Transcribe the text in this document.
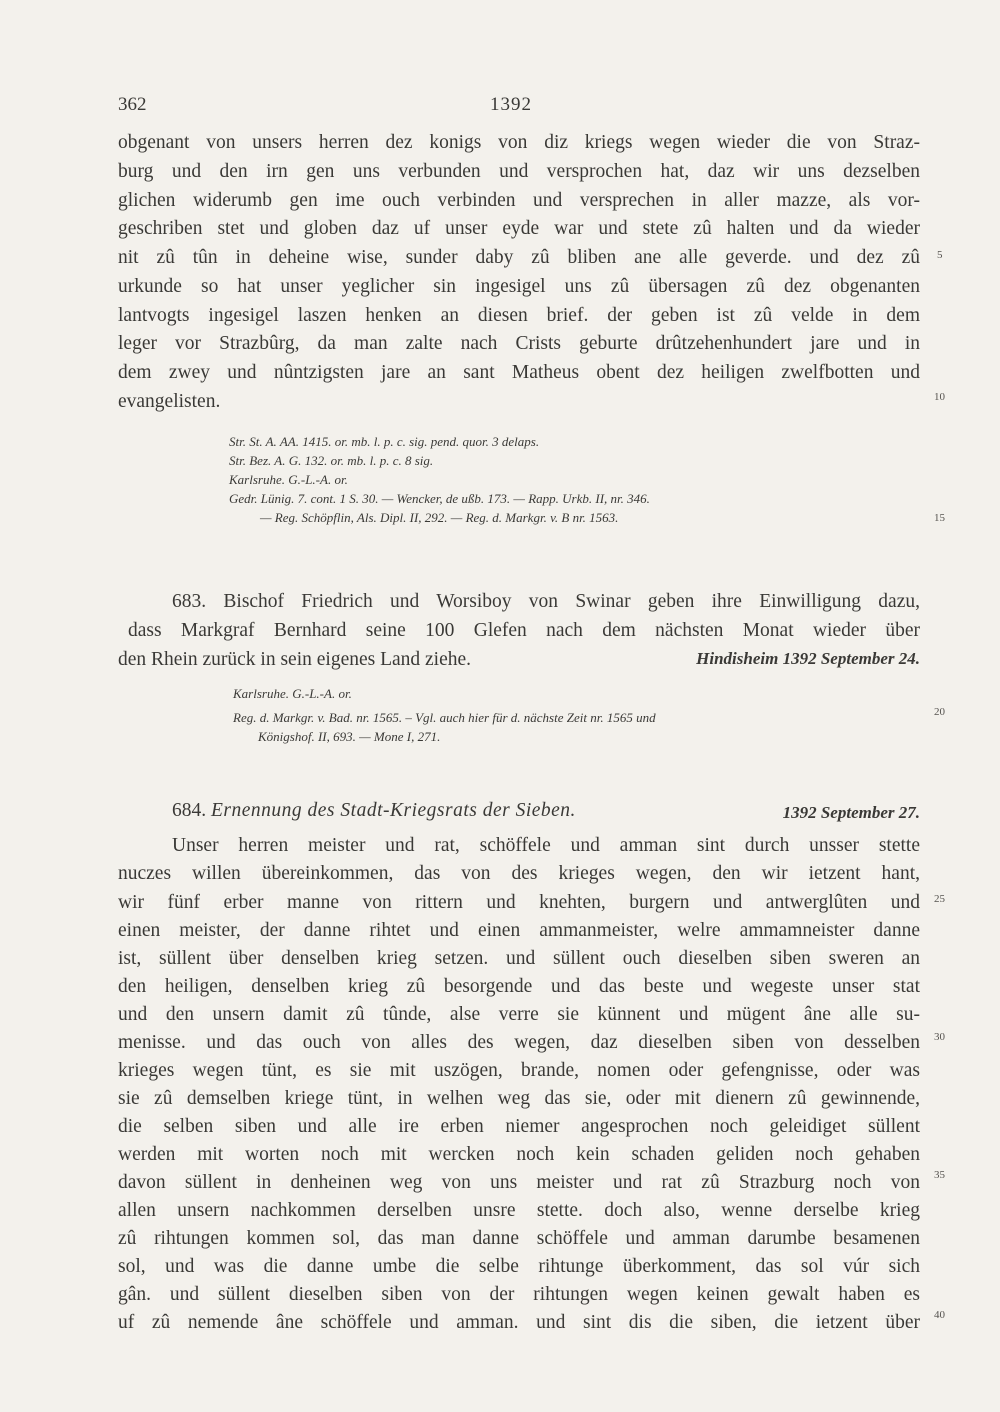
362	1392
obgenant von unsers herren dez konigs von diz kriegs wegen wieder die von Straz-
burg und den irn gen uns verbunden und versprochen hat, daz wir uns dezselben
glichen widerumb gen ime ouch verbinden und versprechen in aller mazze, als vor-
geschriben stet und globen daz uf unser eyde war und stete zû halten und da wieder
nit zû tûn in deheine wise, sunder daby zû bliben ane alle geverde. und dez zû
urkunde so hat unser yeglicher sin ingesigel uns zû übersagen zû dez obgenanten
lantvogts ingesigel laszen henken an diesen brief. der geben ist zû velde in dem
leger vor Strazbûrg, da man zalte nach Crists geburte drûtzehenhundert jare und in
dem zwey und nûntzigsten jare an sant Matheus obent dez heiligen zwelfbotten und
evangelisten.
Str. St. A. AA. 1415. or. mb. l. p. c. sig. pend. quor. 3 delaps.
Str. Bez. A. G. 132. or. mb. l. p. c. 8 sig.
Karlsruhe. G.-L.-A. or.
Gedr. Lünig. 7. cont. 1 S. 30. — Wencker, de ußb. 173. — Rapp. Urkb. II, nr. 346.
— Reg. Schöpflin, Als. Dipl. II, 292. — Reg. d. Markgr. v. B nr. 1563.
683. Bischof Friedrich und Worsiboy von Swinar geben ihre Einwilligung dazu,
dass Markgraf Bernhard seine 100 Glefen nach dem nächsten Monat wieder über
den Rhein zurück in sein eigenes Land ziehe.	Hindisheim 1392 September 24.
Karlsruhe. G.-L.-A. or.
Reg. d. Markgr. v. Bad. nr. 1565. – Vgl. auch hier für d. nächste Zeit nr. 1565 und
Königshof. II, 693. — Mone I, 271.
684. Ernennung des Stadt-Kriegsrats der Sieben.	1392 September 27.
Unser herren meister und rat, schöffele und amman sint durch unsser stette
nuczes willen übereinkommen, das von des krieges wegen, den wir ietzent hant,
wir fünf erber manne von rittern und knehten, burgern und antwerglûten und
einen meister, der danne rihtet und einen ammanmeister, welre ammamneister danne
ist, süllent über denselben krieg setzen. und süllent ouch dieselben siben sweren an
den heiligen, denselben krieg zû besorgende und das beste und wegeste unser stat
und den unsern damit zû tûnde, alse verre sie künnent und mügent âne alle su-
menisse. und das ouch von alles des wegen, daz dieselben siben von desselben
krieges wegen tünt, es sie mit uszögen, brande, nomen oder gefengnisse, oder was
sie zû demselben kriege tünt, in welhen weg das sie, oder mit dienern zû gewinnende,
die selben siben und alle ire erben niemer angesprochen noch geleidiget süllent
werden mit worten noch mit wercken noch kein schaden geliden noch gehaben
davon süllent in denheinen weg von uns meister und rat zû Strazburg noch von
allen unsern nachkommen derselben unsre stette. doch also, wenne derselbe krieg
zû rihtungen kommen sol, das man danne schöffele und amman darumbe besamenen
sol, und was die danne umbe die selbe rihtunge überkomment, das sol vúr sich
gân. und süllent dieselben siben von der rihtungen wegen keinen gewalt haben es
uf zû nemende âne schöffele und amman. und sint dis die siben, die ietzent über
5
10
15
20
25
30
35
40
